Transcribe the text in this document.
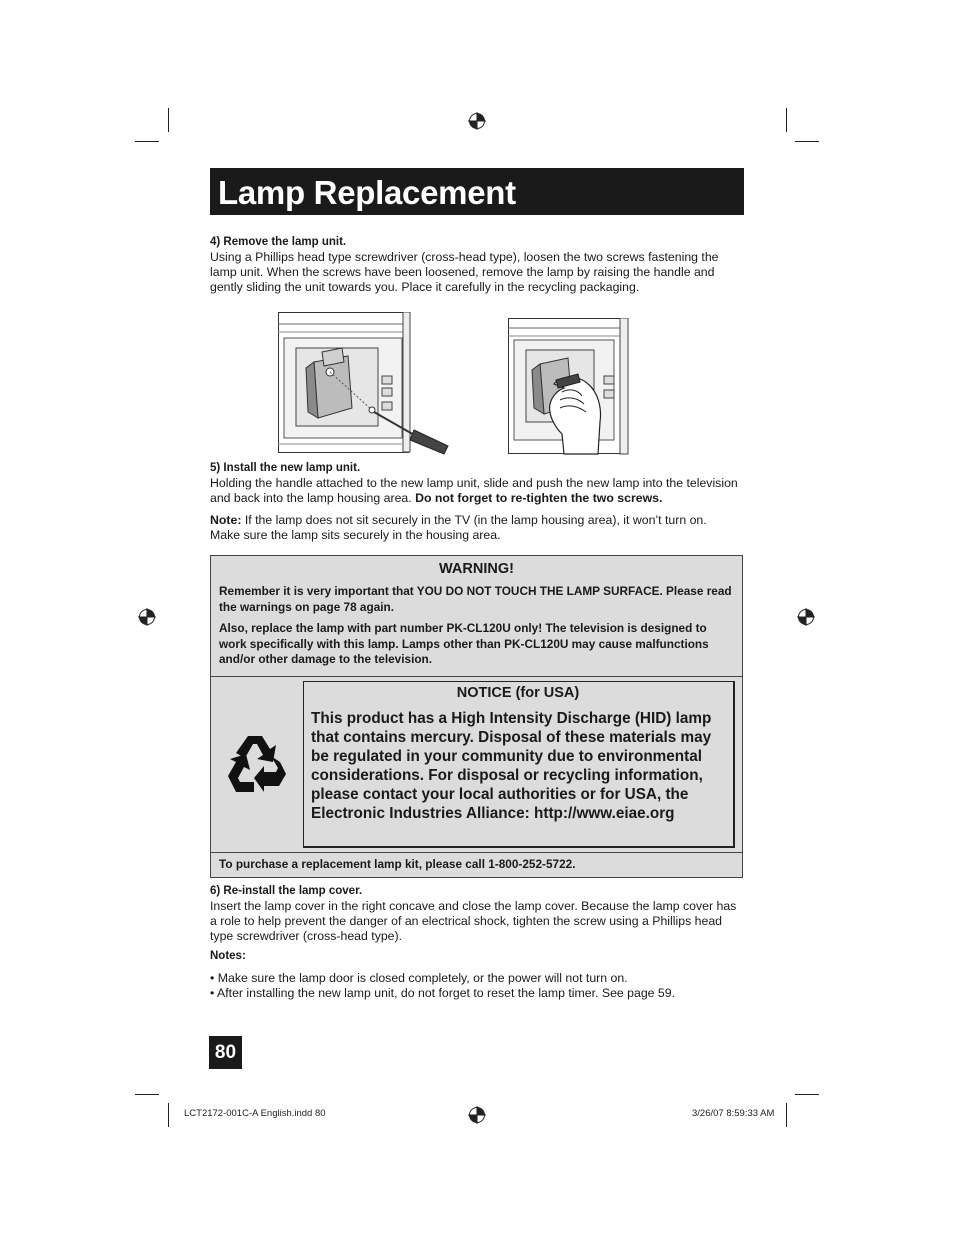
Lamp Replacement
4) Remove the lamp unit.
Using a Phillips head type screwdriver (cross-head type), loosen the two screws fastening the lamp unit. When the screws have been loosened, remove the lamp by raising the handle and gently sliding the unit towards you. Place it carefully in the recycling packaging.
5) Install the new lamp unit.
Holding the handle attached to the new lamp unit, slide and push the new lamp into the television and back into the lamp housing area. Do not forget to re-tighten the two screws.
Note: If the lamp does not sit securely in the TV (in the lamp housing area), it won’t turn on. Make sure the lamp sits securely in the housing area.
WARNING!
Remember it is very important that YOU DO NOT TOUCH THE LAMP SURFACE. Please read the warnings on page 78 again.
Also, replace the lamp with part number PK-CL120U only! The television is designed to work specifically with this lamp. Lamps other than PK-CL120U may cause malfunctions and/or other damage to the television.
NOTICE (for USA)
This product has a High Intensity Discharge (HID) lamp that contains mercury. Disposal of these materials may be regulated in your community due to environmental considerations. For disposal or recycling information, please contact your local authorities or for USA, the Electronic Industries Alliance: http://www.eiae.org
To purchase a replacement lamp kit, please call 1-800-252-5722.
6) Re-install the lamp cover.
Insert the lamp cover in the right concave and close the lamp cover. Because the lamp cover has a role to help prevent the danger of an electrical shock, tighten the screw using a Phillips head type screwdriver (cross-head type).
Notes:
• Make sure the lamp door is closed completely, or the power will not turn on.
• After installing the new lamp unit, do not forget to reset the lamp timer. See page 59.
80
LCT2172-001C-A English.indd 80	3/26/07 8:59:33 AM
